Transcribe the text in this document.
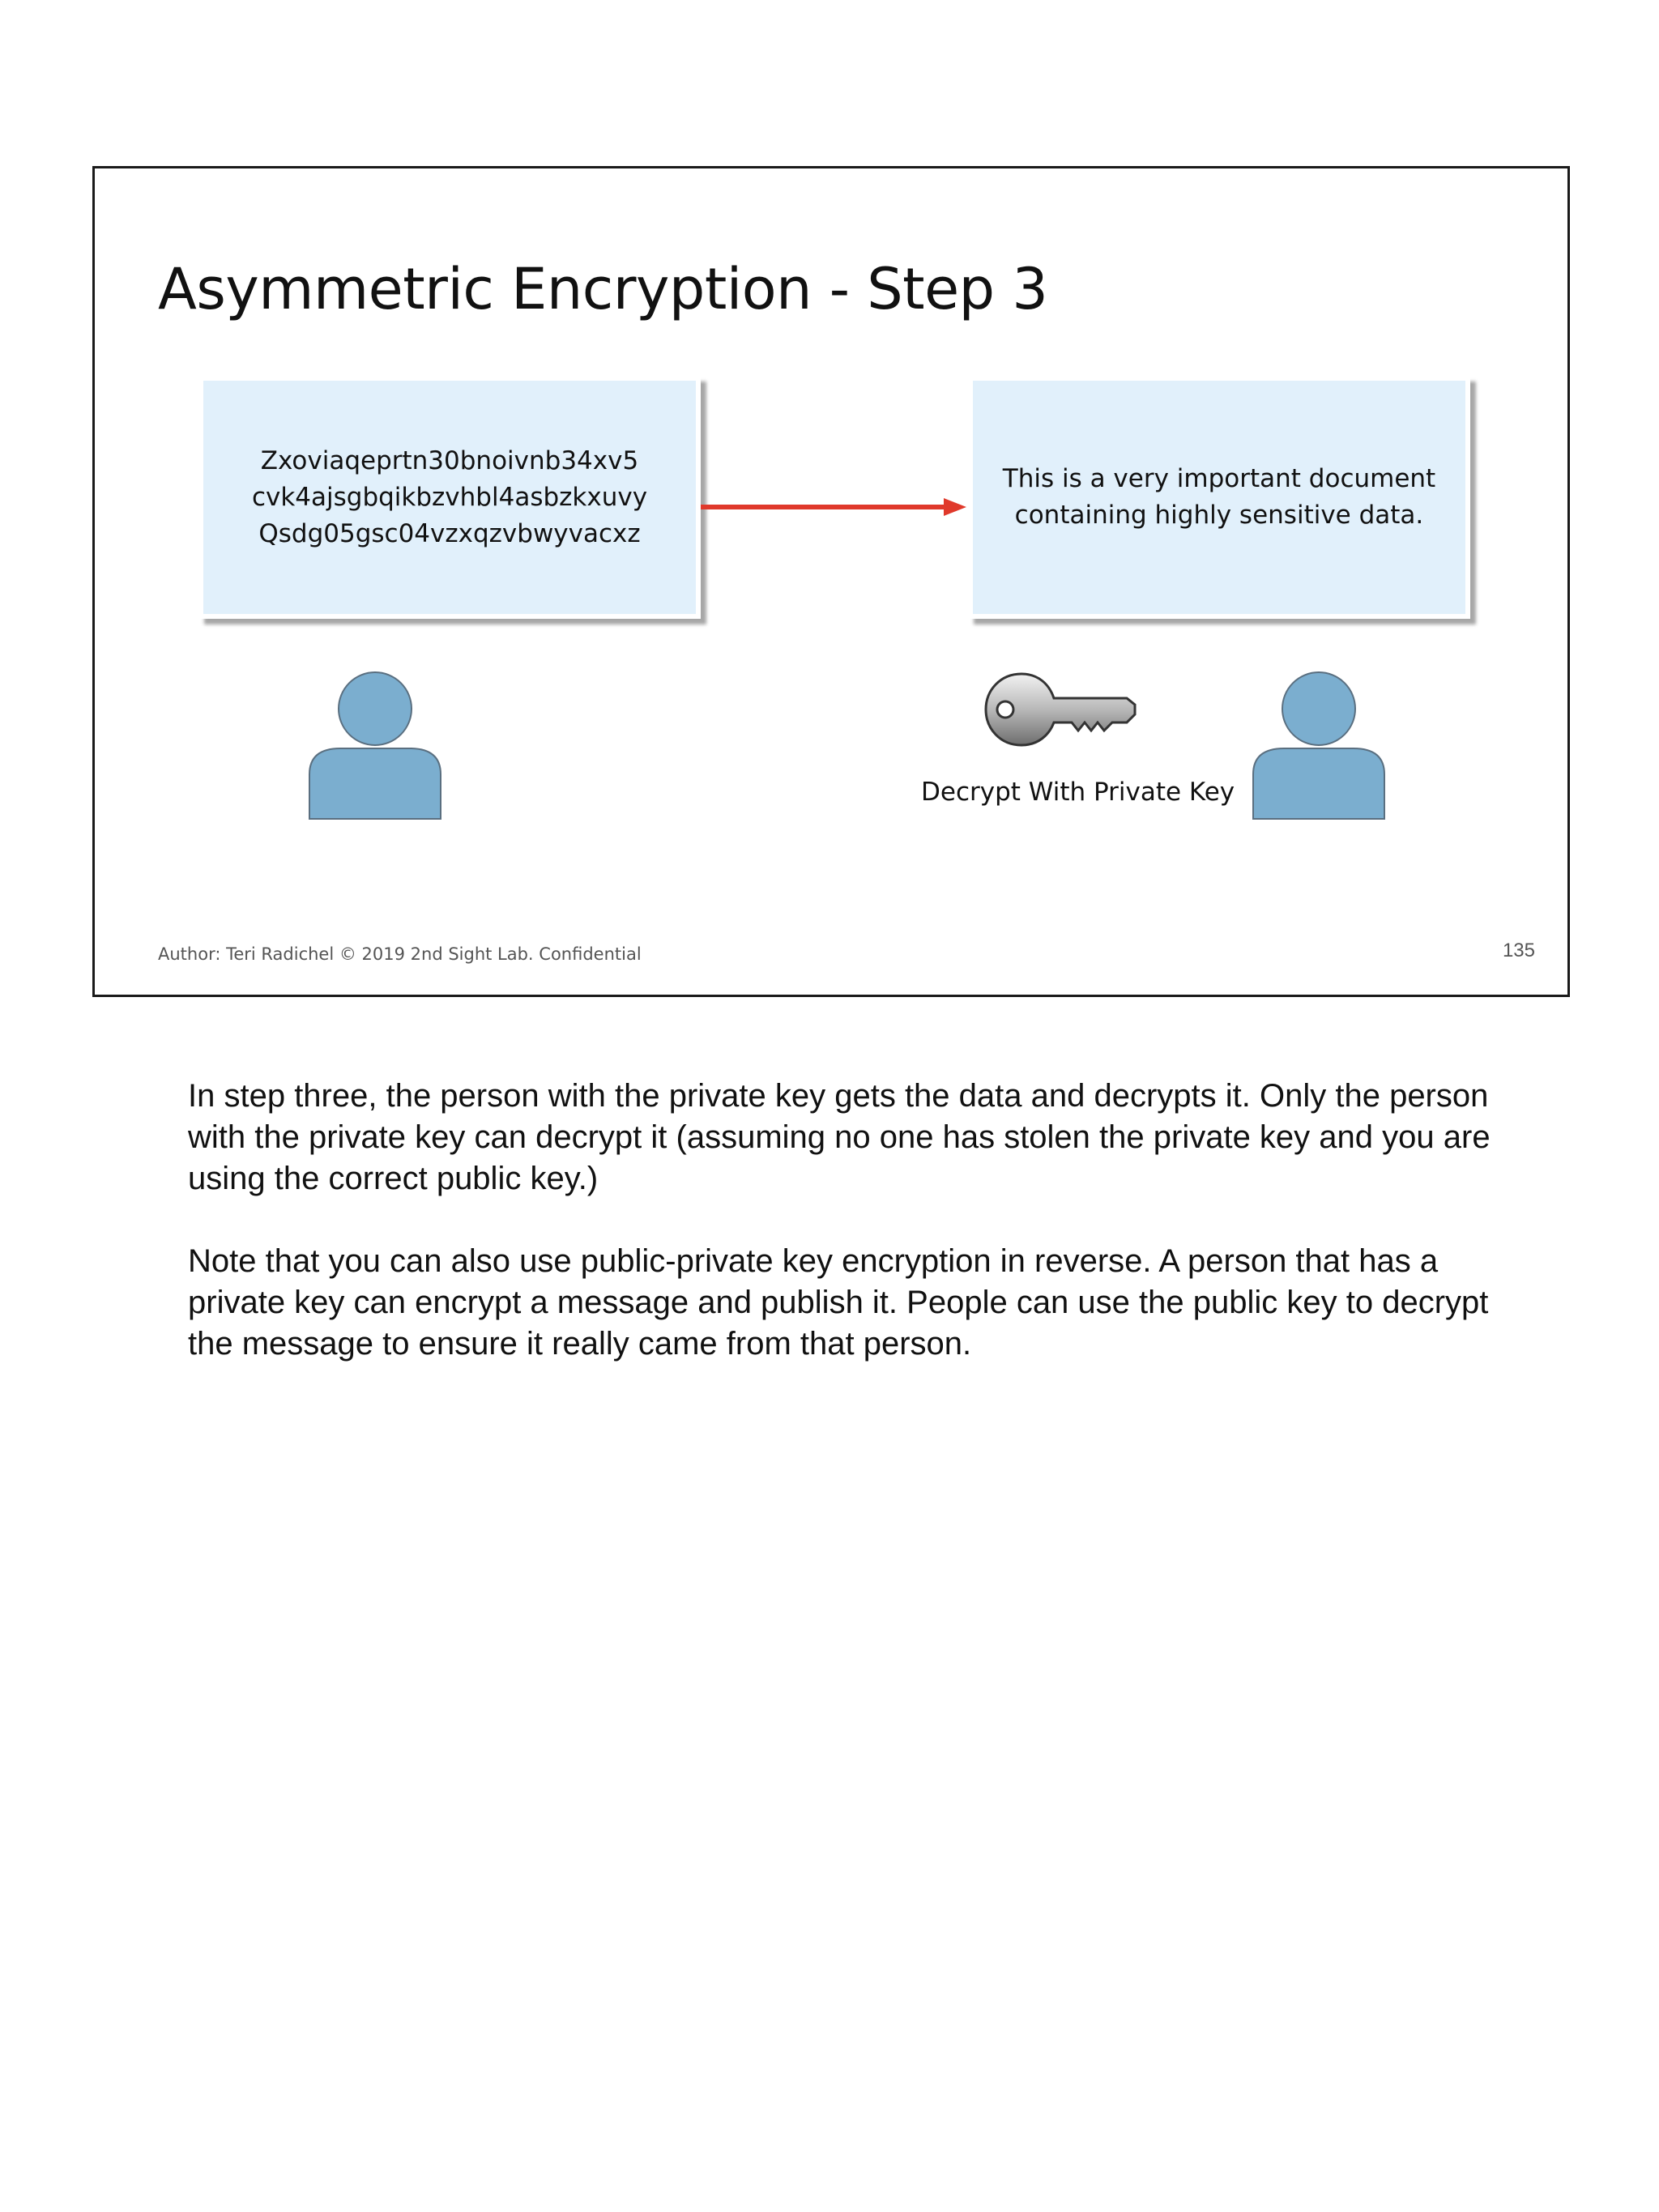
Asymmetric Encryption - Step 3
Zxoviaqeprtn30bnoivnb34xv5
cvk4ajsgbqikbzvhbl4asbzkxuvy
Qsdg05gsc04vzxqzvbwyvacxz
This is a very important document
containing highly sensitive data.
Decrypt With Private Key
Author: Teri Radichel © 2019 2nd Sight Lab. Confidential	135

In step three, the person with the private key gets the data and decrypts it. Only the person with the private key can decrypt it (assuming no one has stolen the private key and you are using the correct public key.)

Note that you can also use public-private key encryption in reverse. A person that has a private key can encrypt a message and publish it. People can use the public key to decrypt the message to ensure it really came from that person.
